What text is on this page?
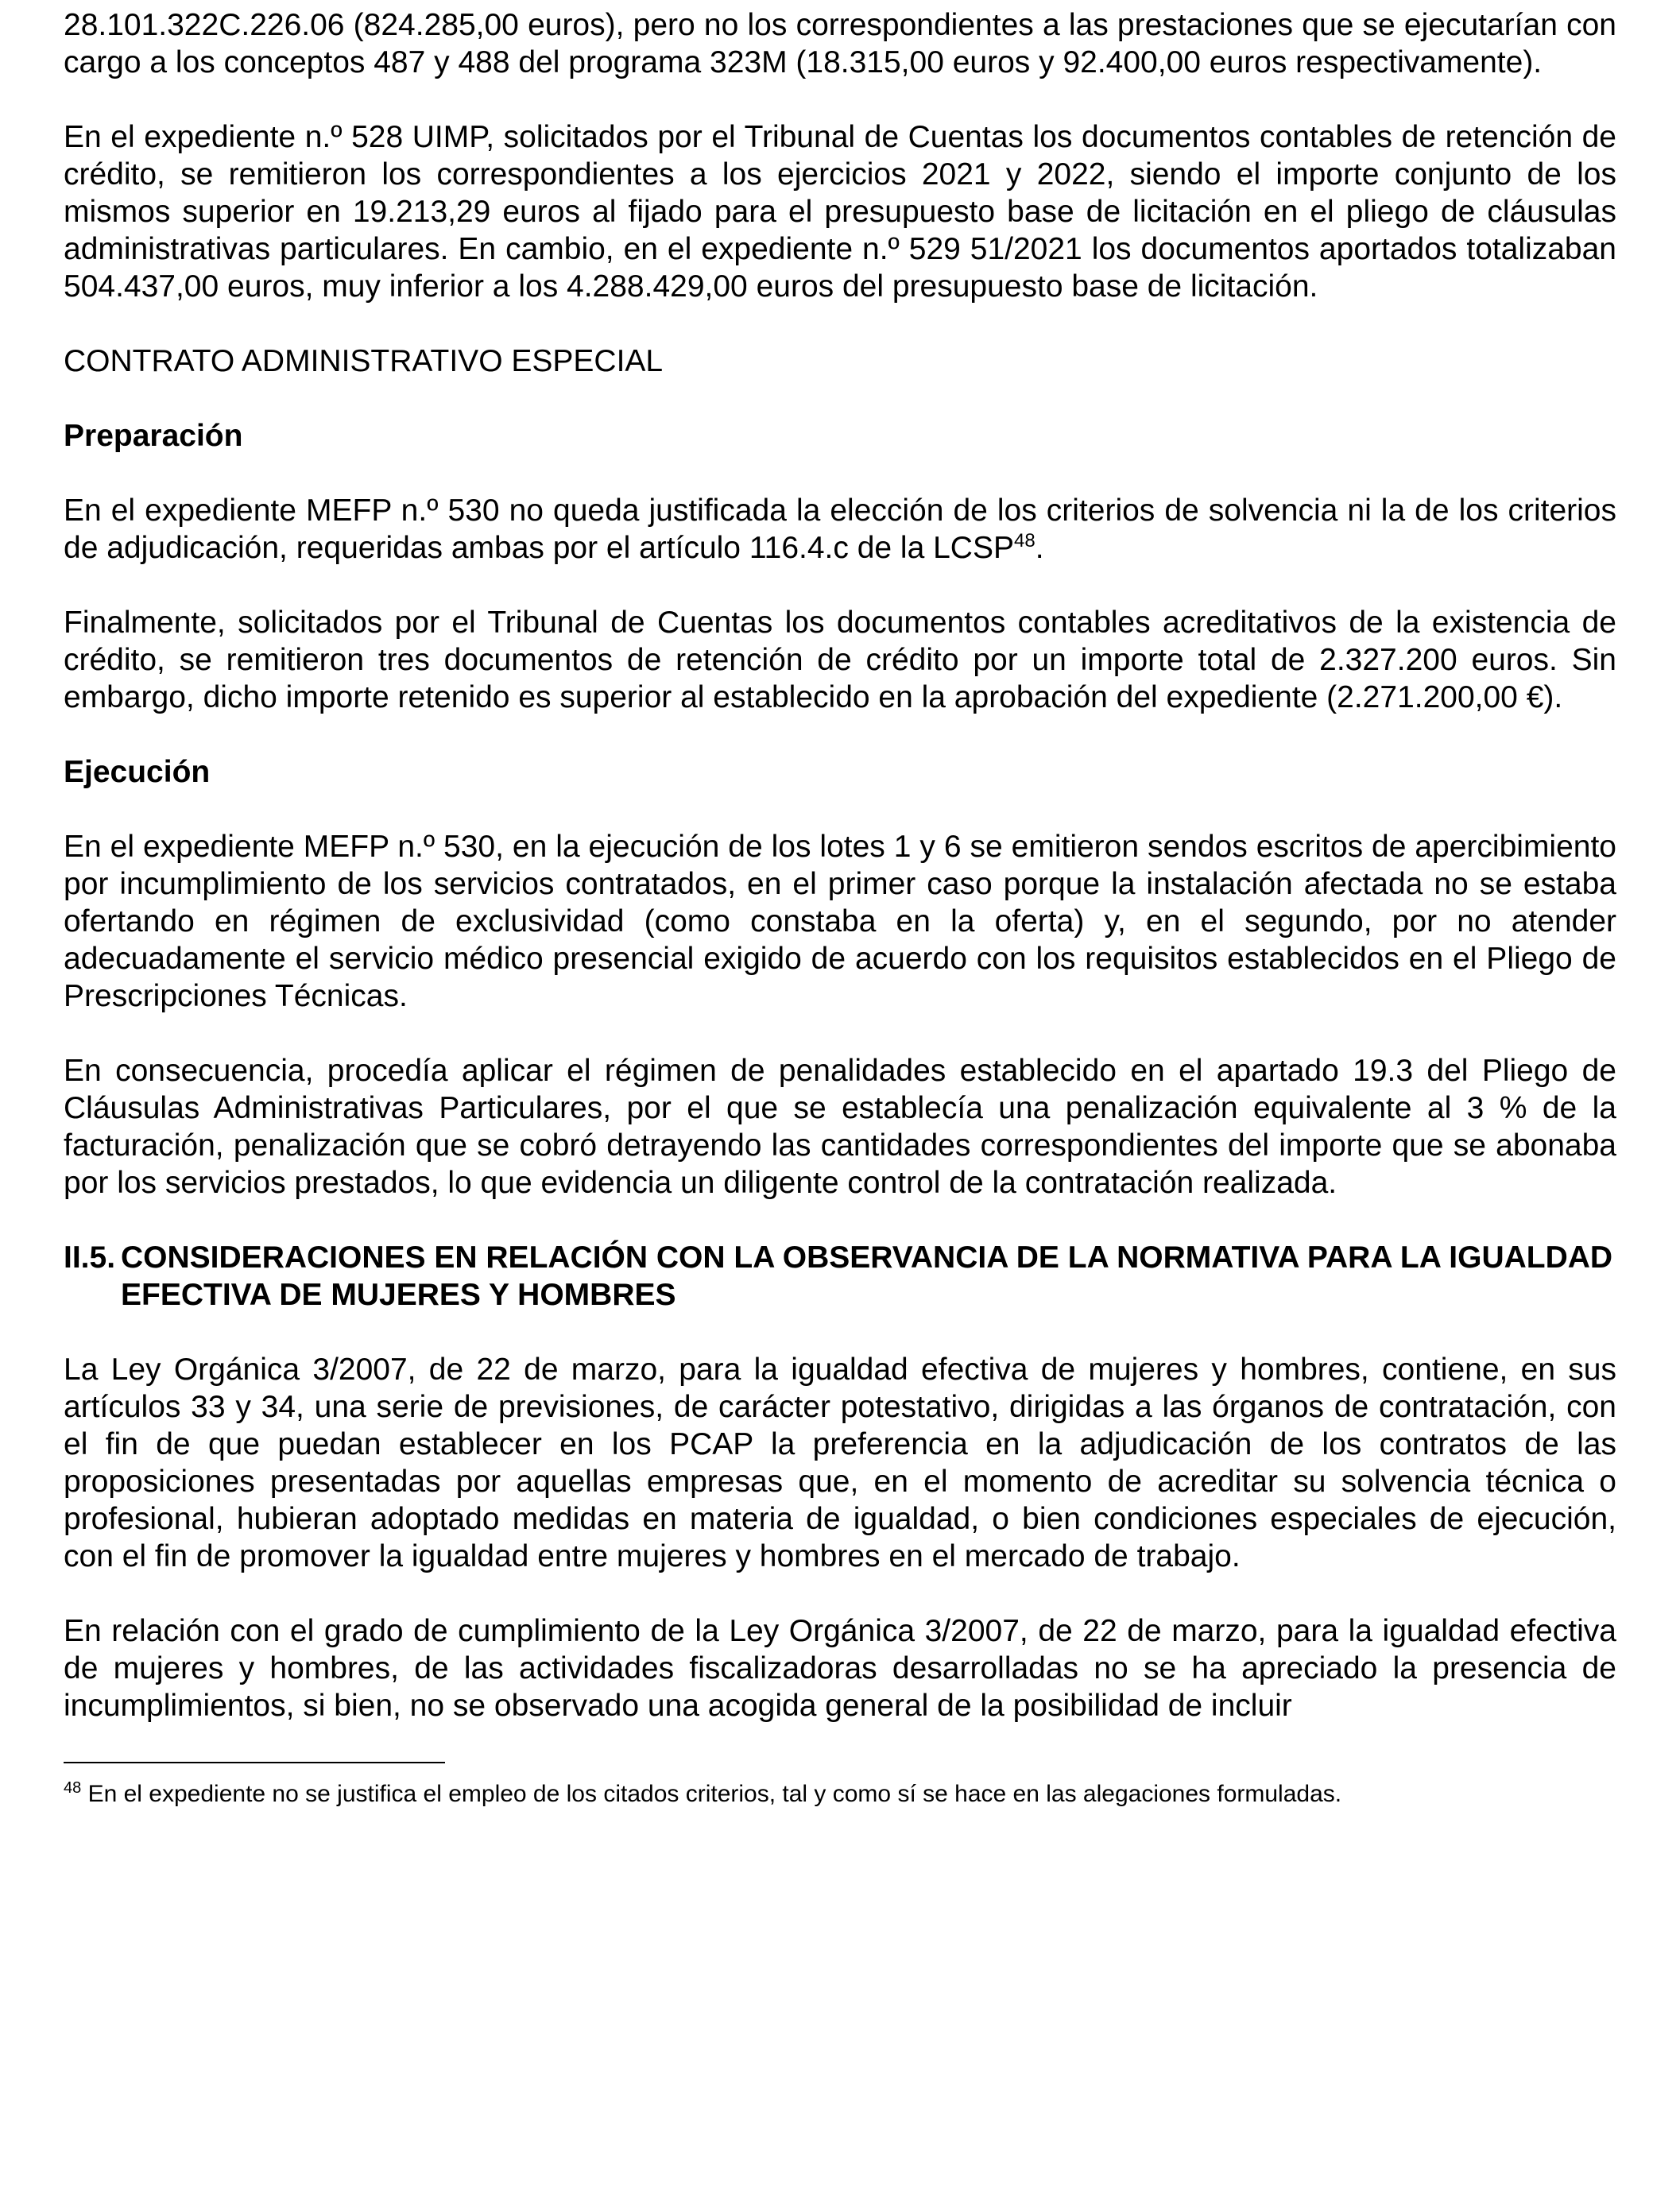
28.101.322C.226.06 (824.285,00 euros), pero no los correspondientes a las prestaciones que se ejecutarían con cargo a los conceptos 487 y 488 del programa 323M (18.315,00 euros y 92.400,00 euros respectivamente).

En el expediente n.º 528 UIMP, solicitados por el Tribunal de Cuentas los documentos contables de retención de crédito, se remitieron los correspondientes a los ejercicios 2021 y 2022, siendo el importe conjunto de los mismos superior en 19.213,29 euros al fijado para el presupuesto base de licitación en el pliego de cláusulas administrativas particulares. En cambio, en el expediente n.º 529 51/2021 los documentos aportados totalizaban 504.437,00 euros, muy inferior a los 4.288.429,00 euros del presupuesto base de licitación.

CONTRATO ADMINISTRATIVO ESPECIAL

Preparación

En el expediente MEFP n.º 530 no queda justificada la elección de los criterios de solvencia ni la de los criterios de adjudicación, requeridas ambas por el artículo 116.4.c de la LCSP$^{48}$.

Finalmente, solicitados por el Tribunal de Cuentas los documentos contables acreditativos de la existencia de crédito, se remitieron tres documentos de retención de crédito por un importe total de 2.327.200 euros. Sin embargo, dicho importe retenido es superior al establecido en la aprobación del expediente (2.271.200,00 €).

Ejecución

En el expediente MEFP n.º 530, en la ejecución de los lotes 1 y 6 se emitieron sendos escritos de apercibimiento por incumplimiento de los servicios contratados, en el primer caso porque la instalación afectada no se estaba ofertando en régimen de exclusividad (como constaba en la oferta) y, en el segundo, por no atender adecuadamente el servicio médico presencial exigido de acuerdo con los requisitos establecidos en el Pliego de Prescripciones Técnicas.

En consecuencia, procedía aplicar el régimen de penalidades establecido en el apartado 19.3 del Pliego de Cláusulas Administrativas Particulares, por el que se establecía una penalización equivalente al 3 % de la facturación, penalización que se cobró detrayendo las cantidades correspondientes del importe que se abonaba por los servicios prestados, lo que evidencia un diligente control de la contratación realizada.

II.5. CONSIDERACIONES EN RELACIÓN CON LA OBSERVANCIA DE LA NORMATIVA PARA LA IGUALDAD EFECTIVA DE MUJERES Y HOMBRES

La Ley Orgánica 3/2007, de 22 de marzo, para la igualdad efectiva de mujeres y hombres, contiene, en sus artículos 33 y 34, una serie de previsiones, de carácter potestativo, dirigidas a las órganos de contratación, con el fin de que puedan establecer en los PCAP la preferencia en la adjudicación de los contratos de las proposiciones presentadas por aquellas empresas que, en el momento de acreditar su solvencia técnica o profesional, hubieran adoptado medidas en materia de igualdad, o bien condiciones especiales de ejecución, con el fin de promover la igualdad entre mujeres y hombres en el mercado de trabajo.

En relación con el grado de cumplimiento de la Ley Orgánica 3/2007, de 22 de marzo, para la igualdad efectiva de mujeres y hombres, de las actividades fiscalizadoras desarrolladas no se ha apreciado la presencia de incumplimientos, si bien, no se observado una acogida general de la posibilidad de incluir

$^{48}$ En el expediente no se justifica el empleo de los citados criterios, tal y como sí se hace en las alegaciones formuladas.
